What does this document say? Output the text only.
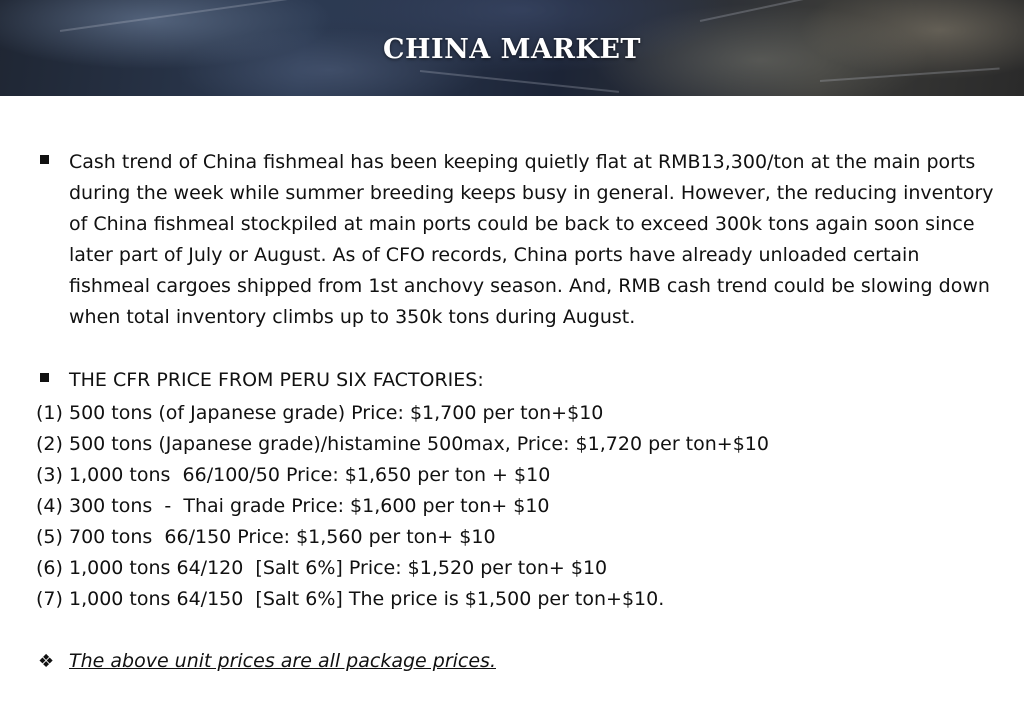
CHINA MARKET

Cash trend of China fishmeal has been keeping quietly flat at RMB13,300/ton at the main ports during the week while summer breeding keeps busy in general. However, the reducing inventory of China fishmeal stockpiled at main ports could be back to exceed 300k tons again soon since later part of July or August. As of CFO records, China ports have already unloaded certain fishmeal cargoes shipped from 1st anchovy season. And, RMB cash trend could be slowing down when total inventory climbs up to 350k tons during August.

THE CFR PRICE FROM PERU SIX FACTORIES:

(1) 500 tons (of Japanese grade) Price: $1,700 per ton+$10
(2) 500 tons (Japanese grade)/histamine 500max, Price: $1,720 per ton+$10
(3) 1,000 tons  66/100/50 Price: $1,650 per ton + $10
(4) 300 tons  -  Thai grade Price: $1,600 per ton+ $10
(5) 700 tons  66/150 Price: $1,560 per ton+ $10
(6) 1,000 tons 64/120  [Salt 6%] Price: $1,520 per ton+ $10
(7) 1,000 tons 64/150  [Salt 6%] The price is $1,500 per ton+$10.
❖ The above unit prices are all package prices.
